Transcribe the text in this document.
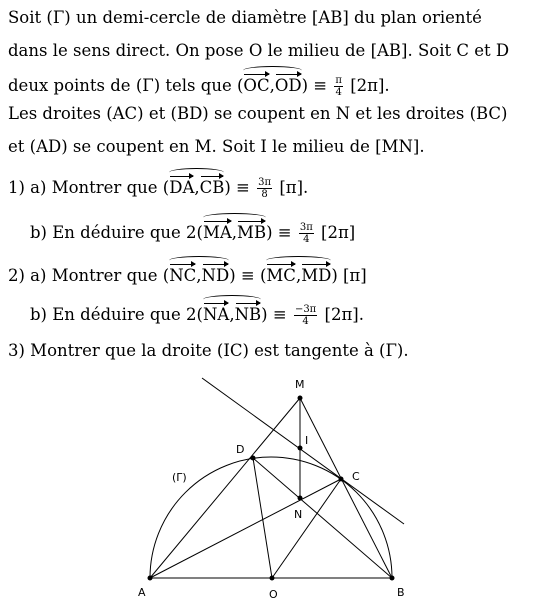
Soit (Γ) un demi-cercle de diamètre [AB] du plan orienté
dans le sens direct. On pose O le milieu de [AB]. Soit C et D
deux points de (Γ) tels que (
$OC,OD) \equiv \frac{\pi}{4} [2\pi]$.
Les droites (AC) et (BD) se coupent en N et les droites (BC)
et (AD) se coupent en M. Soit I le milieu de [MN].
1) a) Montrer que (
$DA,CB) \equiv \frac{3\pi}{8} [\pi]$.
b) En déduire que 2(
$MA,MB) \equiv \frac{3\pi}{4} [2\pi]$
2) a) Montrer que (
NC,ND) ≡ (
MC,MD) [π]
b) En déduire que 2(
$NA,NB) \equiv \frac{-3\pi}{4} [2\pi]$.
3) Montrer que la droite (IC) est tangente à (Γ).
M
I
D
C
N
A	O	B
(Γ)
